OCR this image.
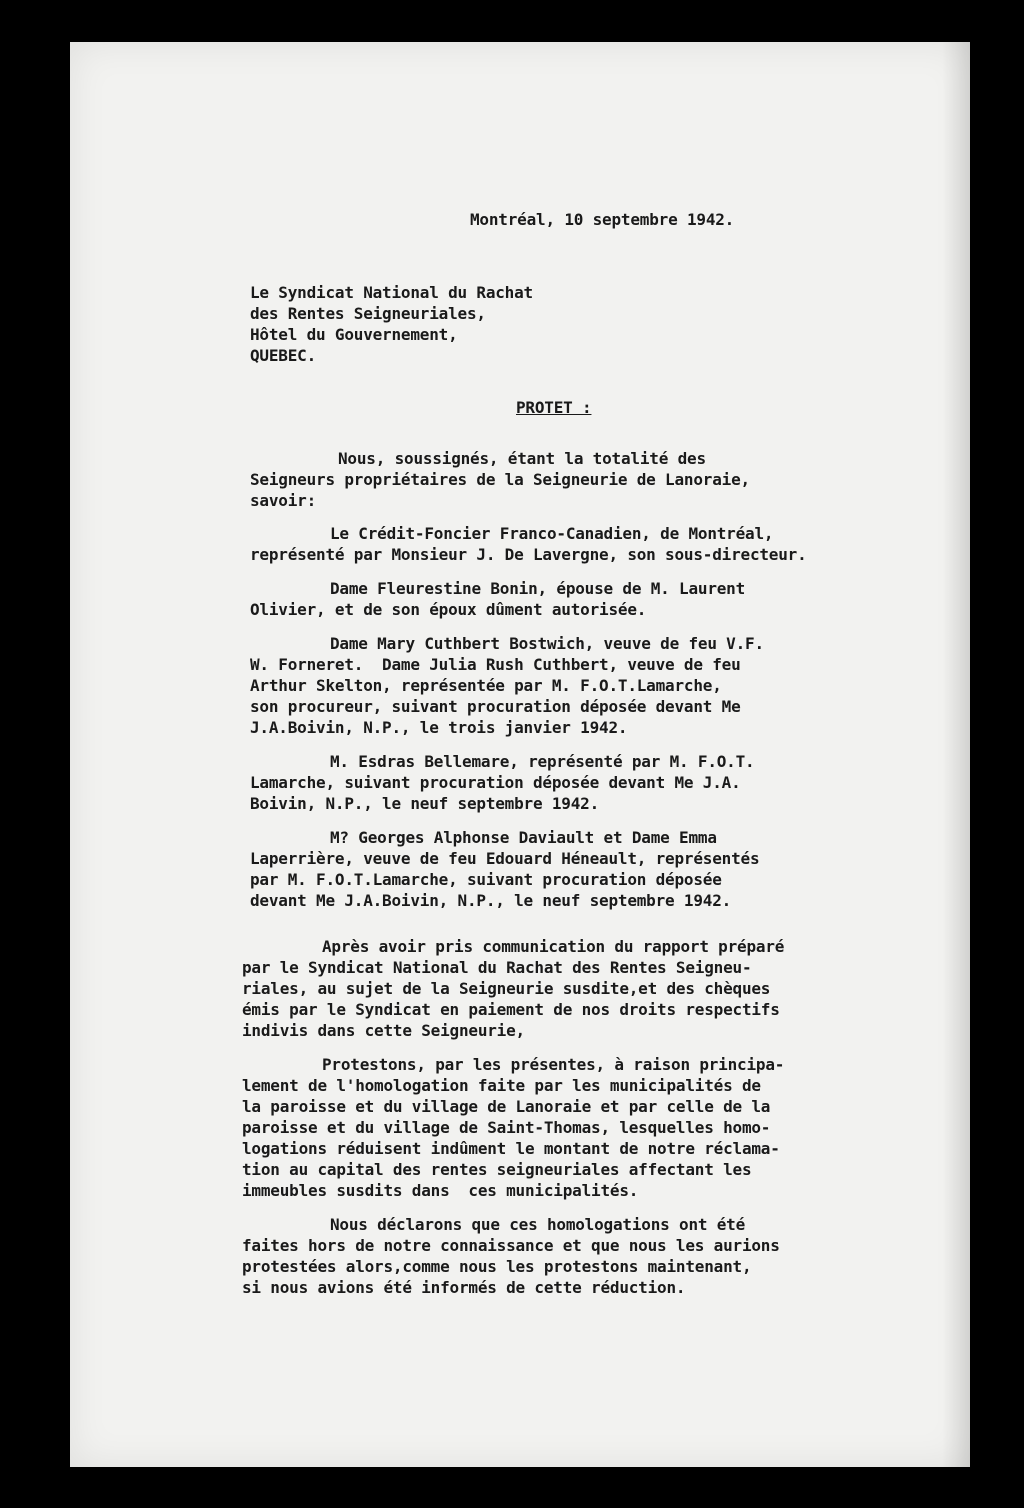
Montréal, 10 septembre 1942.
Le Syndicat National du Rachat
des Rentes Seigneuriales,
Hôtel du Gouvernement,
QUEBEC.
PROTET :
Nous, soussignés, étant la totalité des
Seigneurs propriétaires de la Seigneurie de Lanoraie,
savoir:
Le Crédit-Foncier Franco-Canadien, de Montréal,
représenté par Monsieur J. De Lavergne, son sous-directeur.
Dame Fleurestine Bonin, épouse de M. Laurent
Olivier, et de son époux dûment autorisée.
Dame Mary Cuthbert Bostwich, veuve de feu V.F.
W. Forneret.  Dame Julia Rush Cuthbert, veuve de feu
Arthur Skelton, représentée par M. F.O.T.Lamarche,
son procureur, suivant procuration déposée devant Me
J.A.Boivin, N.P., le trois janvier 1942.
M. Esdras Bellemare, représenté par M. F.O.T.
Lamarche, suivant procuration déposée devant Me J.A.
Boivin, N.P., le neuf septembre 1942.
M? Georges Alphonse Daviault et Dame Emma
Laperrière, veuve de feu Edouard Héneault, représentés
par M. F.O.T.Lamarche, suivant procuration déposée
devant Me J.A.Boivin, N.P., le neuf septembre 1942.
Après avoir pris communication du rapport préparé
par le Syndicat National du Rachat des Rentes Seigneu-
riales, au sujet de la Seigneurie susdite,et des chèques
émis par le Syndicat en paiement de nos droits respectifs
indivis dans cette Seigneurie,
Protestons, par les présentes, à raison principa-
lement de l'homologation faite par les municipalités de
la paroisse et du village de Lanoraie et par celle de la
paroisse et du village de Saint-Thomas, lesquelles homo-
logations réduisent indûment le montant de notre réclama-
tion au capital des rentes seigneuriales affectant les
immeubles susdits dans  ces municipalités.
Nous déclarons que ces homologations ont été
faites hors de notre connaissance et que nous les aurions
protestées alors,comme nous les protestons maintenant,
si nous avions été informés de cette réduction.
